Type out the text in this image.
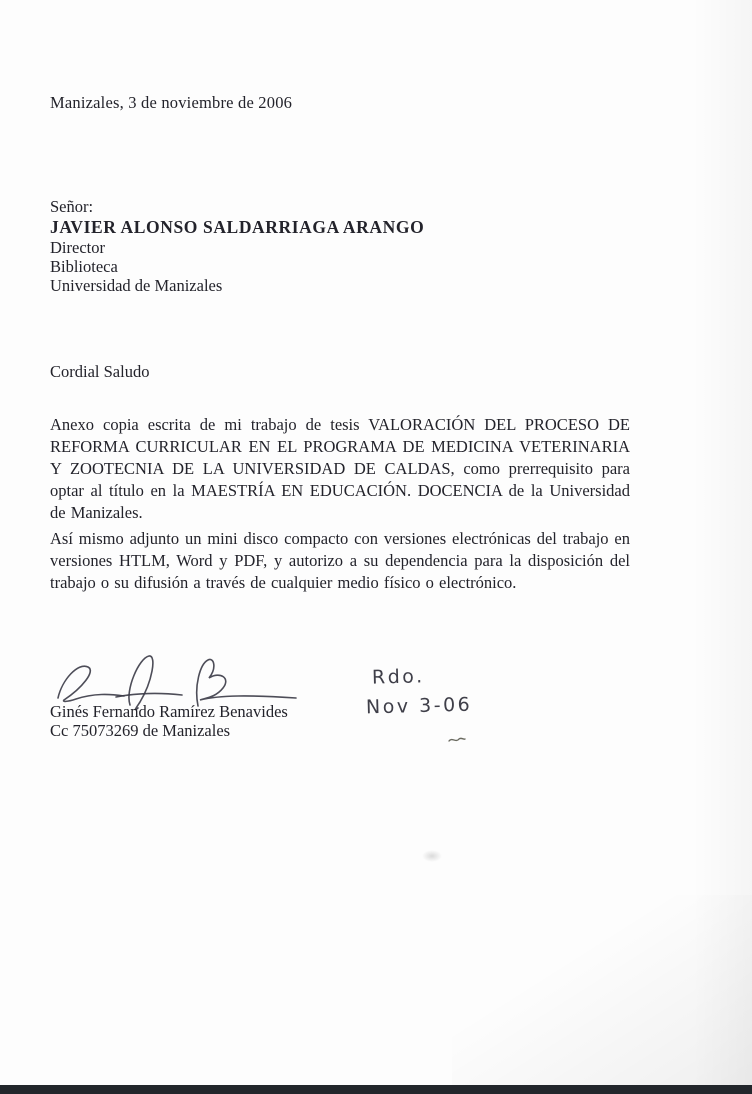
Manizales, 3 de noviembre de 2006
Señor:
JAVIER ALONSO SALDARRIAGA ARANGO
Director
Biblioteca
Universidad de Manizales
Cordial Saludo
Anexo copia escrita de mi trabajo de tesis VALORACIÓN DEL PROCESO DE REFORMA CURRICULAR EN EL PROGRAMA DE MEDICINA VETERINARIA Y ZOOTECNIA DE LA UNIVERSIDAD DE CALDAS, como prerrequisito para optar al título en la MAESTRÍA EN EDUCACIÓN. DOCENCIA de la Universidad de Manizales.
Así mismo adjunto un mini disco compacto con versiones electrónicas del trabajo en versiones HTLM, Word y PDF, y autorizo a su dependencia para la disposición del trabajo o su difusión a través de cualquier medio físico o electrónico.
Ginés Fernando Ramírez Benavides
Cc 75073269 de Manizales
Rdo.
Nov 3-06
